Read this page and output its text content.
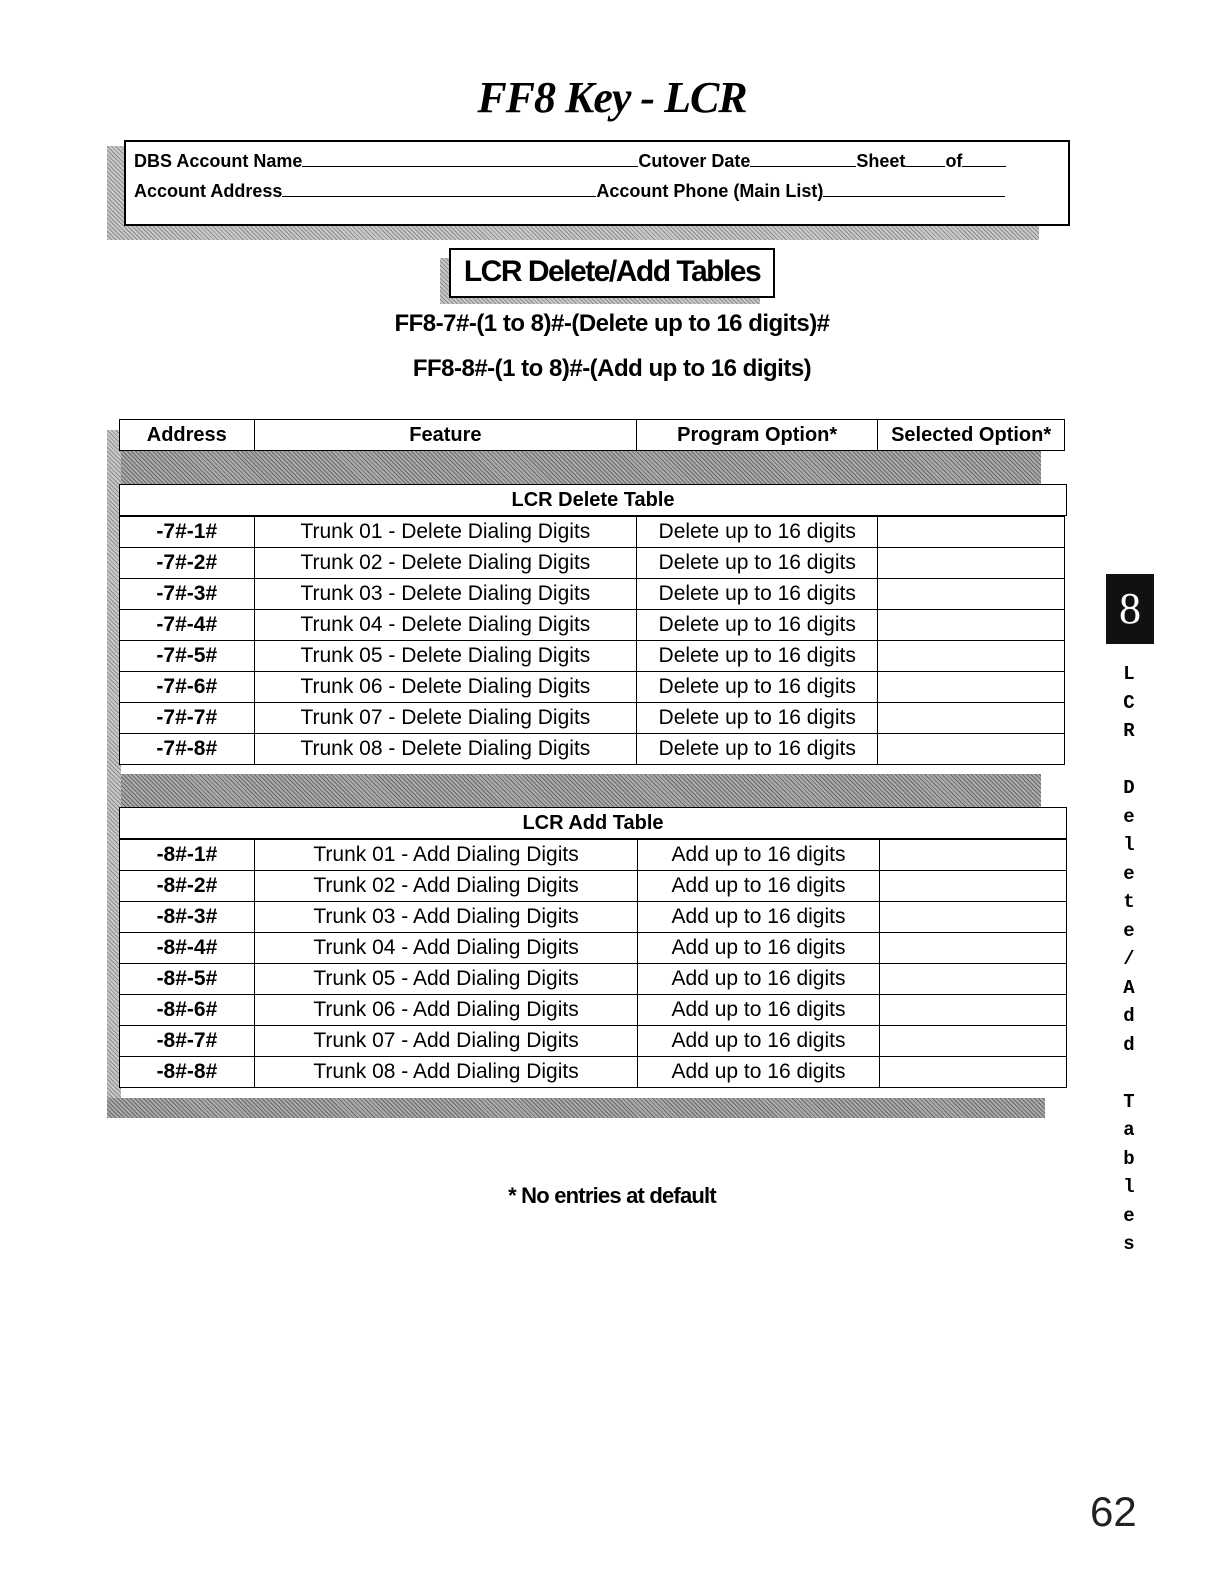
FF8 Key - LCR
DBS Account Name	Cutover Date	Sheet of
Account Address	Account Phone (Main List)
LCR Delete/Add Tables
FF8-7#-(1 to 8)#-(Delete up to 16 digits)#
FF8-8#-(1 to 8)#-(Add up to 16 digits)
Address	Feature	Program Option*	Selected Option*
LCR Delete Table
-7#-1#	Trunk 01 - Delete Dialing Digits	Delete up to 16 digits	
-7#-2#	Trunk 02 - Delete Dialing Digits	Delete up to 16 digits	
-7#-3#	Trunk 03 - Delete Dialing Digits	Delete up to 16 digits	
-7#-4#	Trunk 04 - Delete Dialing Digits	Delete up to 16 digits	
-7#-5#	Trunk 05 - Delete Dialing Digits	Delete up to 16 digits	
-7#-6#	Trunk 06 - Delete Dialing Digits	Delete up to 16 digits	
-7#-7#	Trunk 07 - Delete Dialing Digits	Delete up to 16 digits	
-7#-8#	Trunk 08 - Delete Dialing Digits	Delete up to 16 digits	
LCR Add Table
-8#-1#	Trunk 01 - Add Dialing Digits	Add up to 16 digits	
-8#-2#	Trunk 02 - Add Dialing Digits	Add up to 16 digits	
-8#-3#	Trunk 03 - Add Dialing Digits	Add up to 16 digits	
-8#-4#	Trunk 04 - Add Dialing Digits	Add up to 16 digits	
-8#-5#	Trunk 05 - Add Dialing Digits	Add up to 16 digits	
-8#-6#	Trunk 06 - Add Dialing Digits	Add up to 16 digits	
-8#-7#	Trunk 07 - Add Dialing Digits	Add up to 16 digits	
-8#-8#	Trunk 08 - Add Dialing Digits	Add up to 16 digits	
* No entries at default
8
L
C
R
D
e
l
e
t
e
/
A
d
d
T
a
b
l
e
s
62
